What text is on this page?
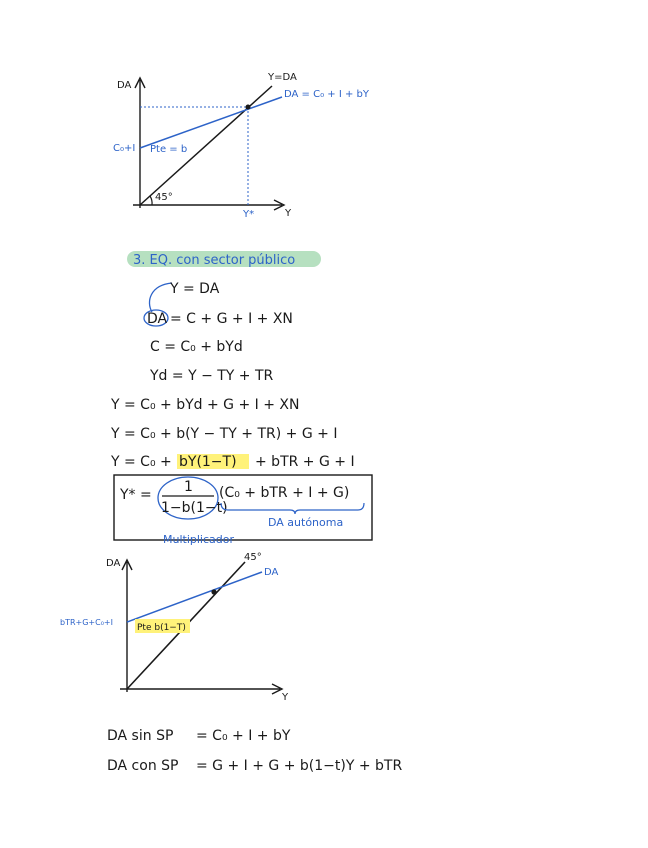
DA
Y
Y=DA
DA = C₀ + I + bY
C₀+I Pte = b
45°
Y*
3. EQ. con sector público
Y = DA
DA = C + G + I + XN
C = C₀ + bYd
Yd = Y − TY + TR
Y = C₀ + bYd + G + I + XN
Y = C₀ + b(Y − TY + TR) + G + I
Y = C₀ + bY(1−T) + bTR + G + I
Y* = 1
1−b(1−t)
(C₀ + bTR + I + G)
DA autónoma
Multiplicador
DA
Y
45°
DA
bTR+G+C₀+I
Pte b(1−T)
DA sin SP = C₀ + I + bY
DA con SP = G + I + G + b(1−t)Y + bTR
